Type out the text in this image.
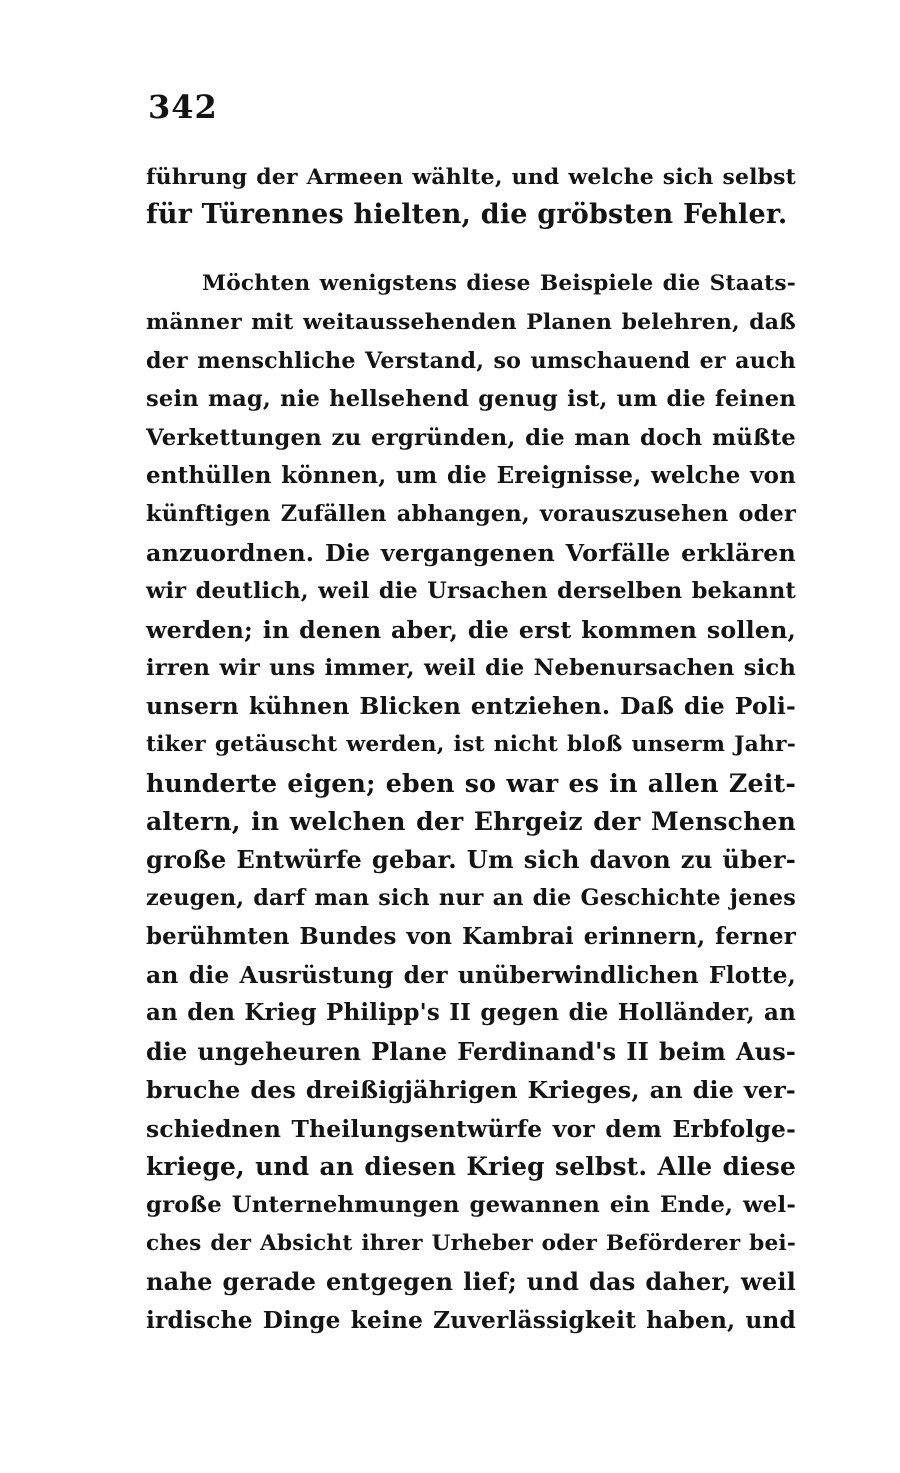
342
führung der Armeen wählte, und welche sich selbst
für Türennes hielten, die gröbsten Fehler.
Möchten wenigstens diese Beispiele die Staats-
männer mit weitaussehenden Planen belehren, daß
der menschliche Verstand, so umschauend er auch
sein mag, nie hellsehend genug ist, um die feinen
Verkettungen zu ergründen, die man doch müßte
enthüllen können, um die Ereignisse, welche von
künftigen Zufällen abhangen, vorauszusehen oder
anzuordnen. Die vergangenen Vorfälle erklären
wir deutlich, weil die Ursachen derselben bekannt
werden; in denen aber, die erst kommen sollen,
irren wir uns immer, weil die Nebenursachen sich
unsern kühnen Blicken entziehen. Daß die Poli-
tiker getäuscht werden, ist nicht bloß unserm Jahr-
hunderte eigen; eben so war es in allen Zeit-
altern, in welchen der Ehrgeiz der Menschen
große Entwürfe gebar. Um sich davon zu über-
zeugen, darf man sich nur an die Geschichte jenes
berühmten Bundes von Kambrai erinnern, ferner
an die Ausrüstung der unüberwindlichen Flotte,
an den Krieg Philipp's II gegen die Holländer, an
die ungeheuren Plane Ferdinand's II beim Aus-
bruche des dreißigjährigen Krieges, an die ver-
schiednen Theilungsentwürfe vor dem Erbfolge-
kriege, und an diesen Krieg selbst. Alle diese
große Unternehmungen gewannen ein Ende, wel-
ches der Absicht ihrer Urheber oder Beförderer bei-
nahe gerade entgegen lief; und das daher, weil
irdische Dinge keine Zuverlässigkeit haben, und
